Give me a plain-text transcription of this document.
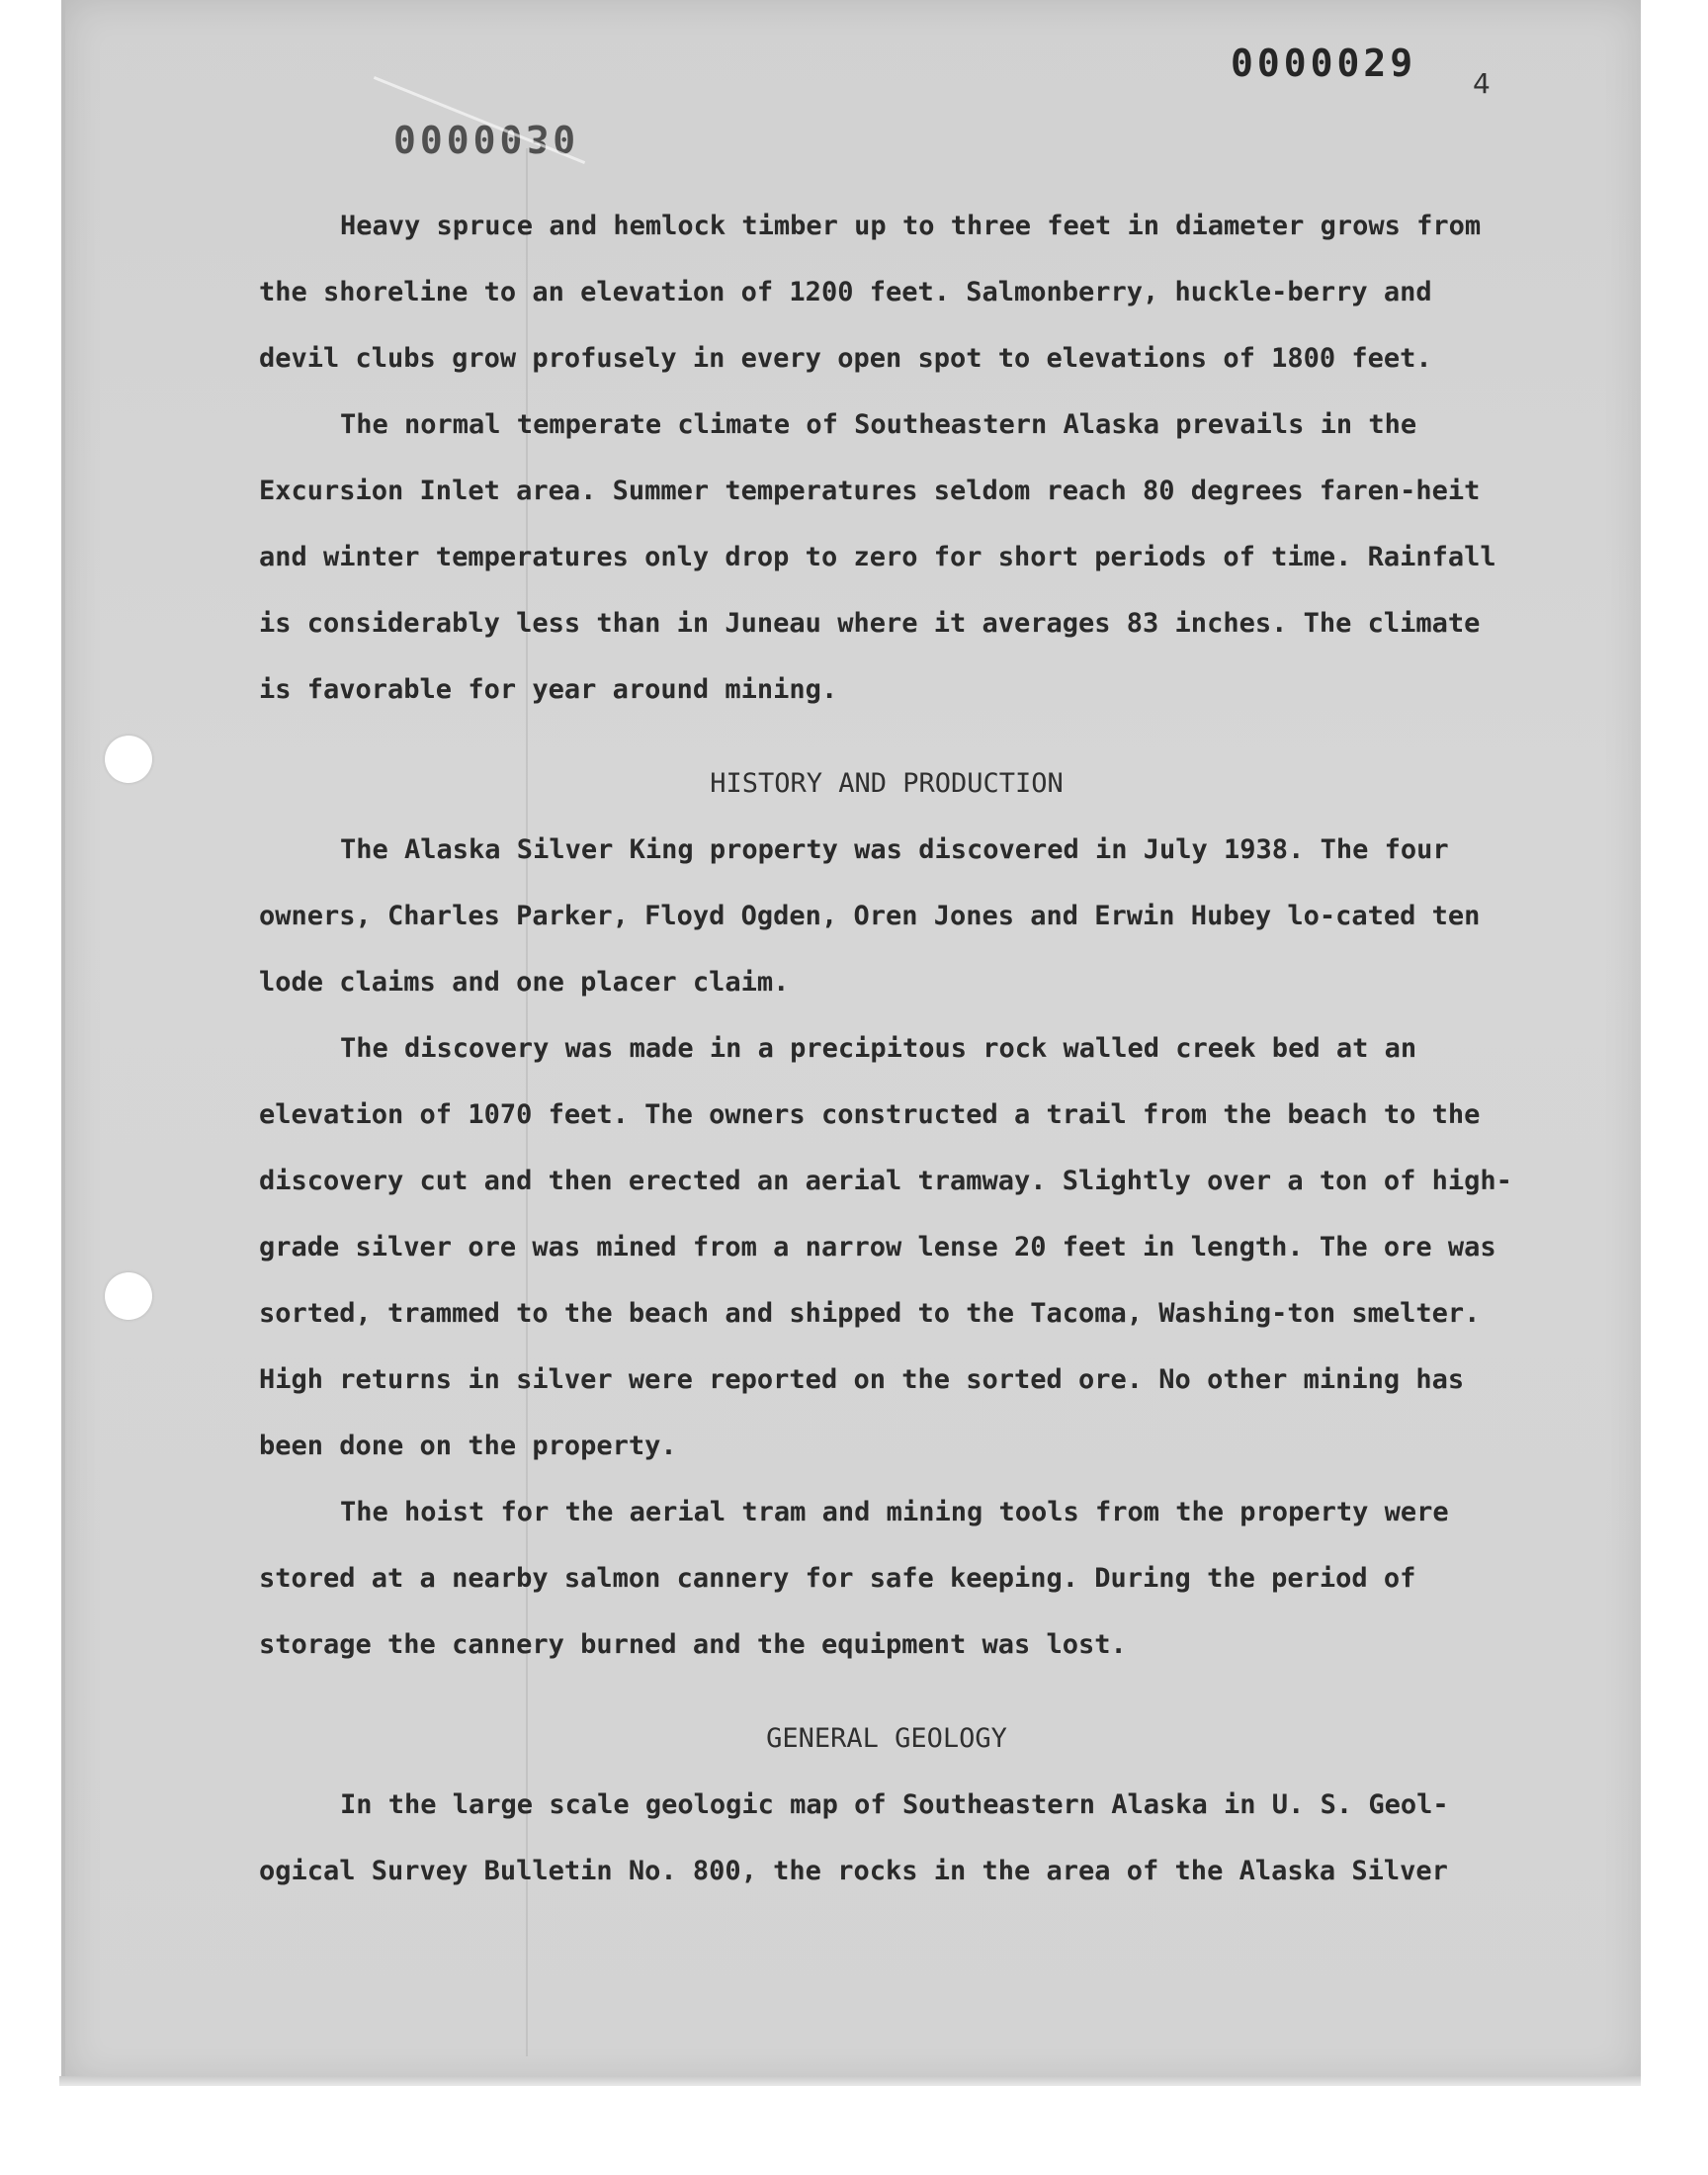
0000029 4
0000030

Heavy spruce and hemlock timber up to three feet in diameter grows from the shoreline to an elevation of 1200 feet. Salmonberry, huckle-berry and devil clubs grow profusely in every open spot to elevations of 1800 feet.

The normal temperate climate of Southeastern Alaska prevails in the Excursion Inlet area. Summer temperatures seldom reach 80 degrees faren-heit and winter temperatures only drop to zero for short periods of time. Rainfall is considerably less than in Juneau where it averages 83 inches. The climate is favorable for year around mining.

HISTORY AND PRODUCTION

The Alaska Silver King property was discovered in July 1938. The four owners, Charles Parker, Floyd Ogden, Oren Jones and Erwin Hubey lo-cated ten lode claims and one placer claim.

The discovery was made in a precipitous rock walled creek bed at an elevation of 1070 feet. The owners constructed a trail from the beach to the discovery cut and then erected an aerial tramway. Slightly over a ton of high-grade silver ore was mined from a narrow lense 20 feet in length. The ore was sorted, trammed to the beach and shipped to the Tacoma, Washing-ton smelter. High returns in silver were reported on the sorted ore. No other mining has been done on the property.

The hoist for the aerial tram and mining tools from the property were stored at a nearby salmon cannery for safe keeping. During the period of storage the cannery burned and the equipment was lost.

GENERAL GEOLOGY

In the large scale geologic map of Southeastern Alaska in U. S. Geol-ogical Survey Bulletin No. 800, the rocks in the area of the Alaska Silver
